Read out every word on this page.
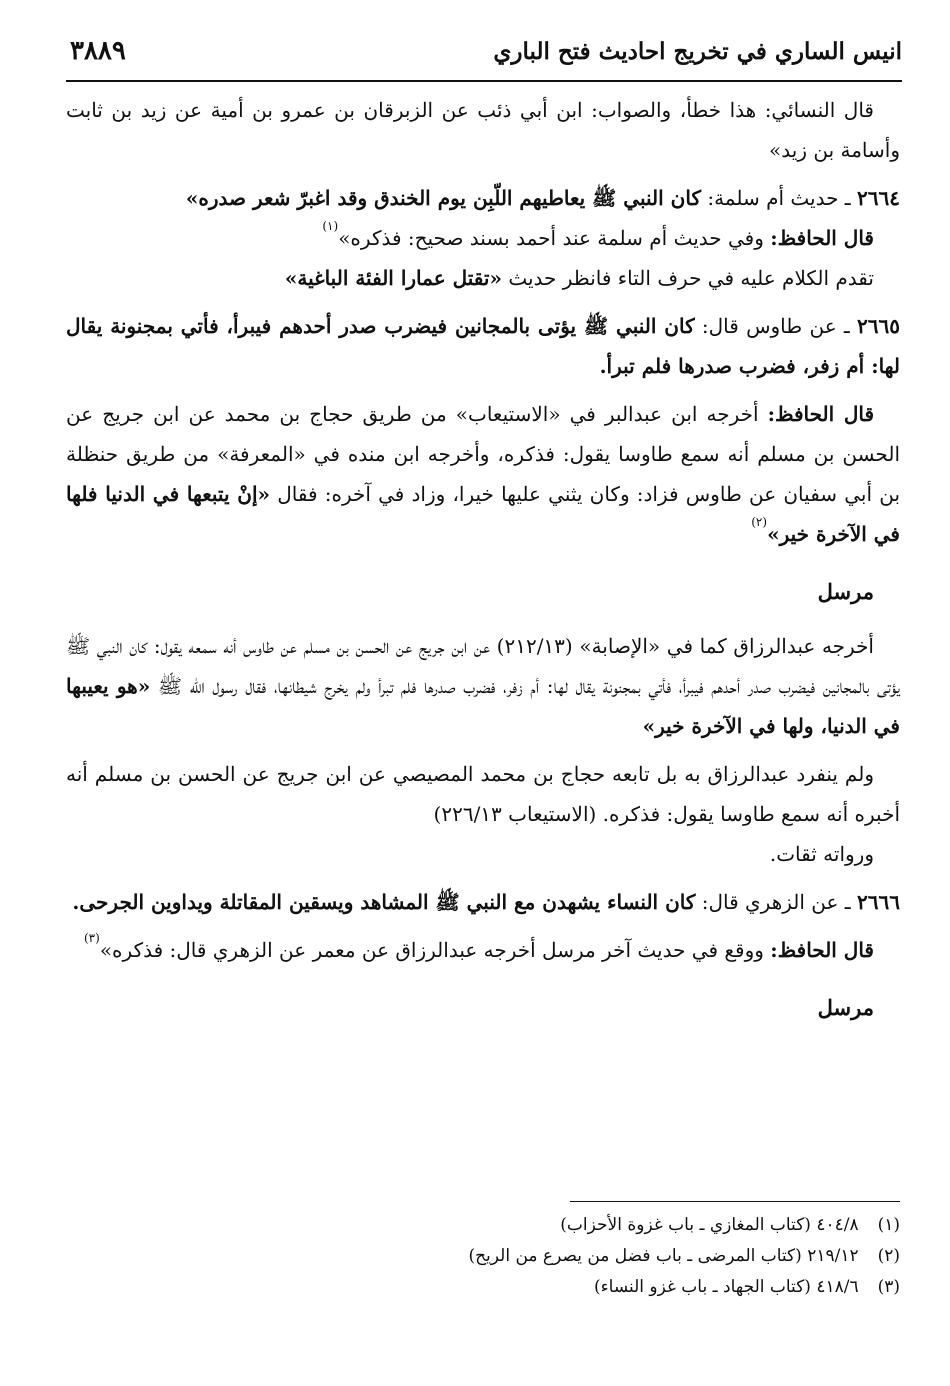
انيس الساري في تخريج احاديث فتح الباري
٣٨٨٩

قال النسائي: هذا خطأ، والصواب: ابن أبي ذئب عن الزبرقان بن عمرو بن أمية عن زيد بن ثابت وأسامة بن زيد»

٢٦٦٤ ـ حديث أم سلمة: كان النبي ﷺ يعاطيهم اللّبِن يوم الخندق وقد اغبرّ شعر صدره»

قال الحافظ: وفي حديث أم سلمة عند أحمد بسند صحيح: فذكره»$^{(١)}$

تقدم الكلام عليه في حرف التاء فانظر حديث «تقتل عمارا الفئة الباغية»

٢٦٦٥ ـ عن طاوس قال: كان النبي ﷺ يؤتى بالمجانين فيضرب صدر أحدهم فيبرأ، فأتي بمجنونة يقال لها: أم زفر، فضرب صدرها فلم تبرأ.

قال الحافظ: أخرجه ابن عبدالبر في «الاستيعاب» من طريق حجاج بن محمد عن ابن جريج عن الحسن بن مسلم أنه سمع طاوسا يقول: فذكره، وأخرجه ابن منده في «المعرفة» من طريق حنظلة بن أبي سفيان عن طاوس فزاد: وكان يثني عليها خيرا، وزاد في آخره: فقال «إنْ يتبعها في الدنيا فلها في الآخرة خير»$^{(٢)}$

مرسل

أخرجه عبدالرزاق كما في «الإصابة» (٢١٢/١٣) عن ابن جريج عن الحسن بن مسلم عن طاوس أنه سمعه يقول: كان النبي ﷺ يؤتى بالمجانين فيضرب صدر أحدهم فيبرأ، فأتي بمجنونة يقال لها: أم زفر، فضرب صدرها فلم تبرأ ولم يخرج شيطانها، فقال رسول الله ﷺ «هو يعيبها في الدنيا، ولها في الآخرة خير»

ولم ينفرد عبدالرزاق به بل تابعه حجاج بن محمد المصيصي عن ابن جريج عن الحسن بن مسلم أنه أخبره أنه سمع طاوسا يقول: فذكره. (الاستيعاب ٢٢٦/١٣)

ورواته ثقات.

٢٦٦٦ ـ عن الزهري قال: كان النساء يشهدن مع النبي ﷺ المشاهد ويسقين المقاتلة ويداوين الجرحى.

قال الحافظ: ووقع في حديث آخر مرسل أخرجه عبدالرزاق عن معمر عن الزهري قال: فذكره»$^{(٣)}$

مرسل
(١) ٤٠٤/٨ (كتاب المغازي ـ باب غزوة الأحزاب)
(٢) ٢١٩/١٢ (كتاب المرضى ـ باب فضل من يصرع من الريح)
(٣) ٤١٨/٦ (كتاب الجهاد ـ باب غزو النساء)
